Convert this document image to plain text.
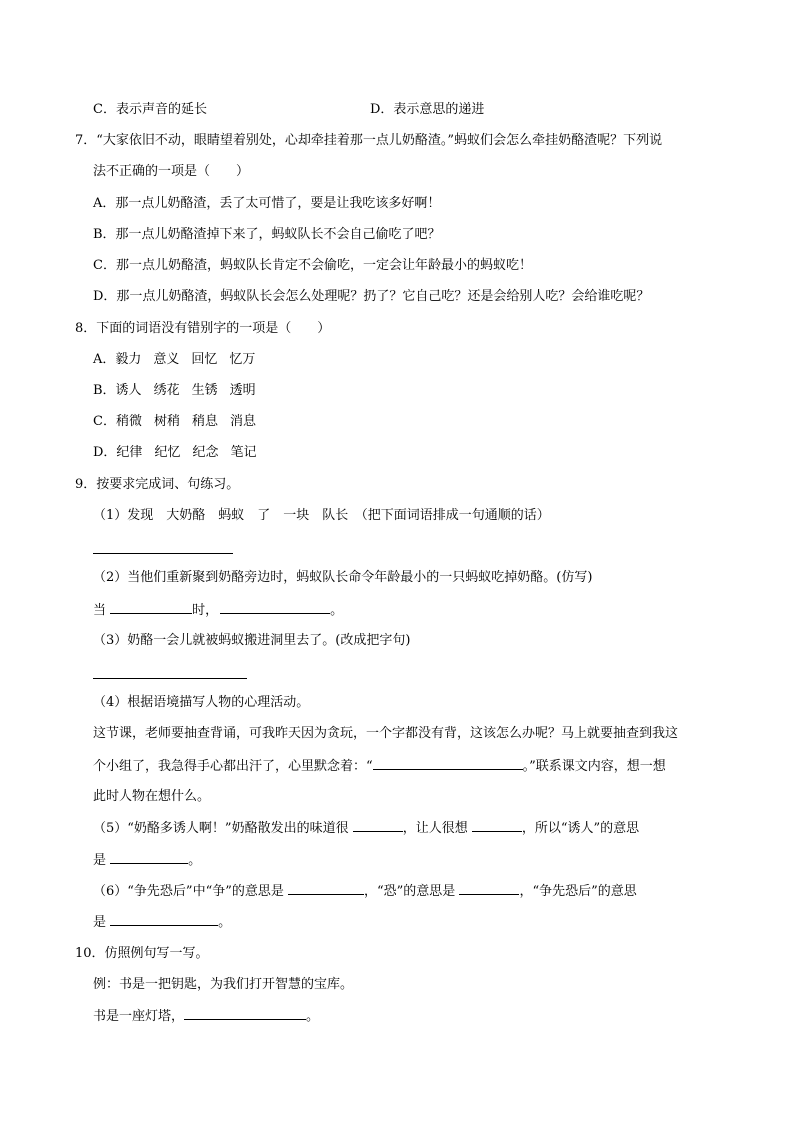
C．表示声音的延长	D．表示意思的递进
7．“大家依旧不动，眼睛望着别处，心却牵挂着那一点儿奶酪渣。”蚂蚁们会怎么牵挂奶酪渣呢？下列说
法不正确的一项是（　　）
A．那一点儿奶酪渣，丢了太可惜了，要是让我吃该多好啊！
B．那一点儿奶酪渣掉下来了，蚂蚁队长不会自己偷吃了吧？
C．那一点儿奶酪渣，蚂蚁队长肯定不会偷吃，一定会让年龄最小的蚂蚁吃！
D．那一点儿奶酪渣，蚂蚁队长会怎么处理呢？扔了？它自己吃？还是会给别人吃？会给谁吃呢？
8．下面的词语没有错别字的一项是（　　）
A．毅力 意义 回忆 忆万
B．诱人 绣花 生锈 透明
C．稍微 树稍 稍息 消息
D．纪律 纪忆 纪念 笔记
9．按要求完成词、句练习。
（1）发现　大奶酪　蚂蚁　了　一块　队长　（把下面词语排成一句通顺的话）
（2）当他们重新聚到奶酪旁边时，蚂蚁队长命令年龄最小的一只蚂蚁吃掉奶酪。(仿写)
当	时，	。
（3）奶酪一会儿就被蚂蚁搬进洞里去了。(改成把字句)
（4）根据语境描写人物的心理活动。
这节课，老师要抽查背诵，可我昨天因为贪玩，一个字都没有背，这该怎么办呢？马上就要抽查到我这
个小组了，我急得手心都出汗了，心里默念着：“	。”联系课文内容，想一想
此时人物在想什么。
（5）“奶酪多诱人啊！”奶酪散发出的味道很	，让人很想	，所以“诱人”的意思
是	。
（6）“争先恐后”中“争”的意思是	，“恐”的意思是	，“争先恐后”的意思
是	。
10．仿照例句写一写。
例：书是一把钥匙，为我们打开智慧的宝库。
书是一座灯塔，	。
